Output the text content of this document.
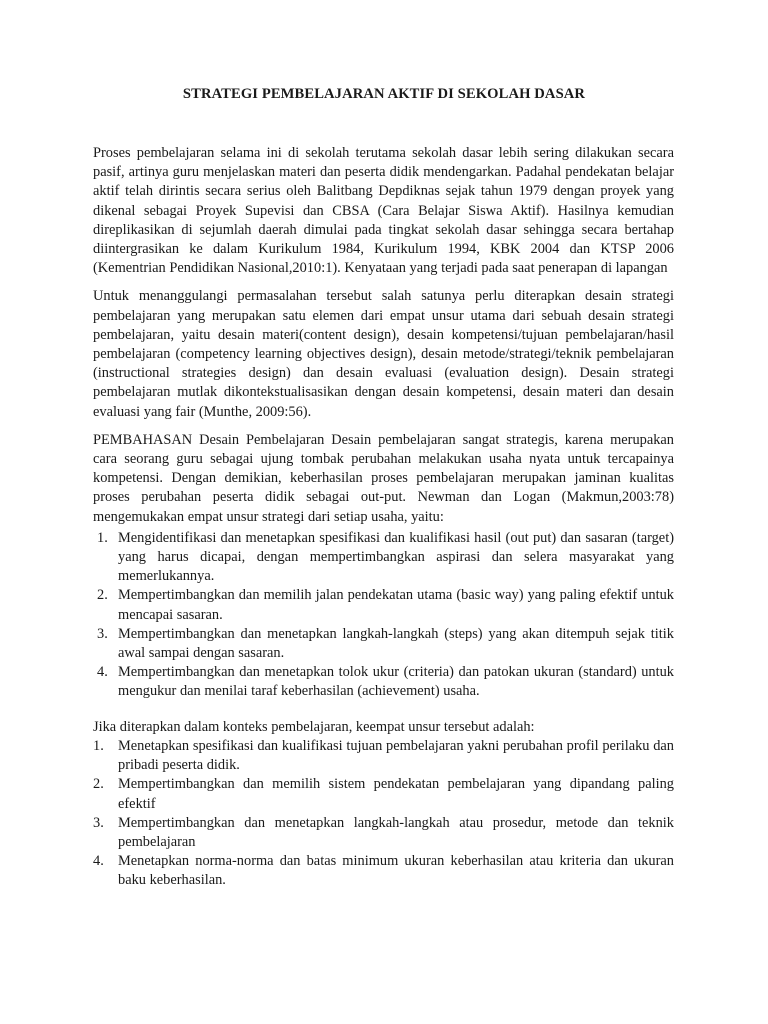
STRATEGI PEMBELAJARAN AKTIF DI SEKOLAH DASAR

Proses pembelajaran selama ini di sekolah terutama sekolah dasar lebih sering dilakukan secara pasif, artinya guru menjelaskan materi dan peserta didik mendengarkan. Padahal pendekatan belajar aktif telah dirintis secara serius oleh Balitbang Depdiknas sejak tahun 1979 dengan proyek yang dikenal sebagai Proyek Supevisi dan CBSA (Cara Belajar Siswa Aktif). Hasilnya kemudian direplikasikan di sejumlah daerah dimulai pada tingkat sekolah dasar sehingga secara bertahap diintergrasikan ke dalam Kurikulum 1984, Kurikulum 1994, KBK 2004 dan KTSP 2006 (Kementrian Pendidikan Nasional,2010:1). Kenyataan yang terjadi pada saat penerapan di lapangan

Untuk menanggulangi permasalahan tersebut salah satunya perlu diterapkan desain strategi pembelajaran yang merupakan satu elemen dari empat unsur utama dari sebuah desain strategi pembelajaran, yaitu desain materi(content design), desain kompetensi/tujuan pembelajaran/hasil pembelajaran (competency learning objectives design), desain metode/strategi/teknik pembelajaran (instructional strategies design) dan desain evaluasi (evaluation design). Desain strategi pembelajaran mutlak dikontekstualisasikan dengan desain kompetensi, desain materi dan desain evaluasi yang fair (Munthe, 2009:56).

PEMBAHASAN Desain Pembelajaran Desain pembelajaran sangat strategis, karena merupakan cara seorang guru sebagai ujung tombak perubahan melakukan usaha nyata untuk tercapainya kompetensi. Dengan demikian, keberhasilan proses pembelajaran merupakan jaminan kualitas proses perubahan peserta didik sebagai out-put. Newman dan Logan (Makmun,2003:78) mengemukakan empat unsur strategi dari setiap usaha, yaitu:

1. Mengidentifikasi dan menetapkan spesifikasi dan kualifikasi hasil (out put) dan sasaran (target) yang harus dicapai, dengan mempertimbangkan aspirasi dan selera masyarakat yang memerlukannya.
2. Mempertimbangkan dan memilih jalan pendekatan utama (basic way) yang paling efektif untuk mencapai sasaran.
3. Mempertimbangkan dan menetapkan langkah-langkah (steps) yang akan ditempuh sejak titik awal sampai dengan sasaran.
4. Mempertimbangkan dan menetapkan tolok ukur (criteria) dan patokan ukuran (standard) untuk mengukur dan menilai taraf keberhasilan (achievement) usaha.

Jika diterapkan dalam konteks pembelajaran, keempat unsur tersebut adalah:

1. Menetapkan spesifikasi dan kualifikasi tujuan pembelajaran yakni perubahan profil perilaku dan pribadi peserta didik.
2. Mempertimbangkan dan memilih sistem pendekatan pembelajaran yang dipandang paling efektif
3. Mempertimbangkan dan menetapkan langkah-langkah atau prosedur, metode dan teknik pembelajaran
4. Menetapkan norma-norma dan batas minimum ukuran keberhasilan atau kriteria dan ukuran baku keberhasilan.
